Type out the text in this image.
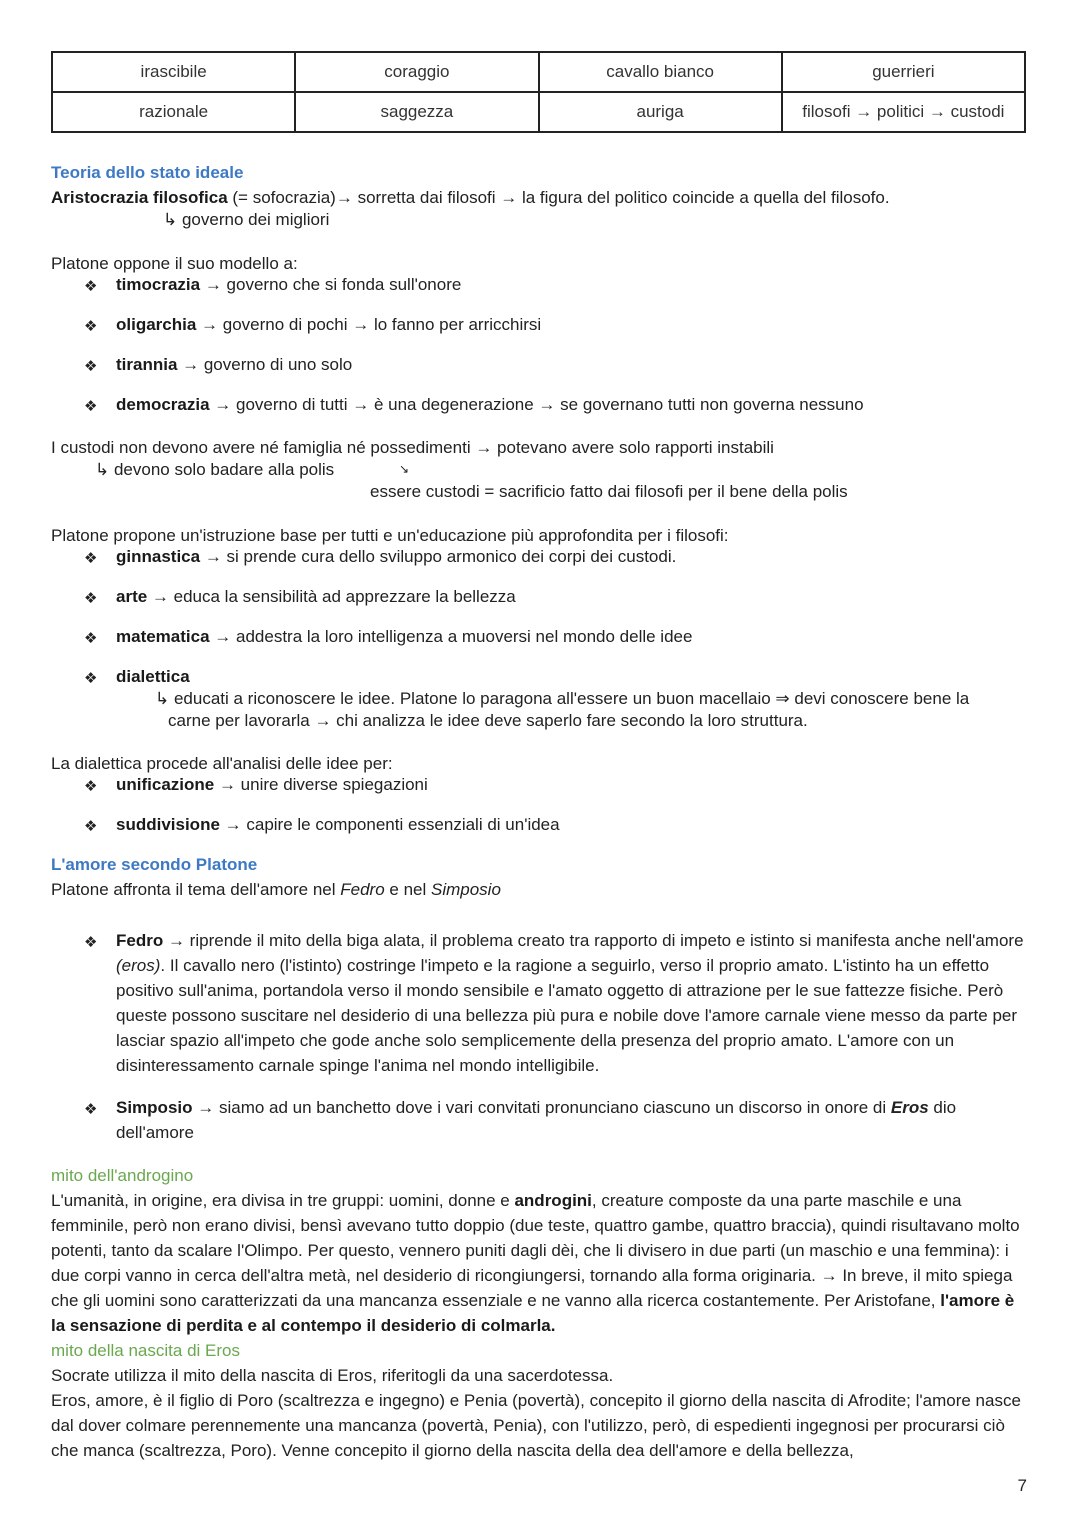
irascibile	coraggio	cavallo bianco	guerrieri
razionale	saggezza	auriga	filosofi → politici → custodi
Teoria dello stato ideale
Aristocrazia filosofica (= sofocrazia)→ sorretta dai filosofi → la figura del politico coincide a quella del filosofo.
↳ governo dei migliori
Platone oppone il suo modello a:
❖ timocrazia → governo che si fonda sull'onore
❖ oligarchia → governo di pochi → lo fanno per arricchirsi
❖ tirannia → governo di uno solo
❖ democrazia → governo di tutti → è una degenerazione → se governano tutti non governa nessuno
I custodi non devono avere né famiglia né possedimenti → potevano avere solo rapporti instabili
↳ devono solo badare alla polis	↘
essere custodi = sacrificio fatto dai filosofi per il bene della polis
Platone propone un'istruzione base per tutti e un'educazione più approfondita per i filosofi:
❖ ginnastica → si prende cura dello sviluppo armonico dei corpi dei custodi.
❖ arte → educa la sensibilità ad apprezzare la bellezza
❖ matematica → addestra la loro intelligenza a muoversi nel mondo delle idee
❖ dialettica
↳ educati a riconoscere le idee. Platone lo paragona all'essere un buon macellaio ⇒ devi conoscere bene la
carne per lavorarla → chi analizza le idee deve saperlo fare secondo la loro struttura.
La dialettica procede all'analisi delle idee per:
❖ unificazione → unire diverse spiegazioni
❖ suddivisione → capire le componenti essenziali di un'idea
L'amore secondo Platone
Platone affronta il tema dell'amore nel Fedro e nel Simposio
❖ Fedro → riprende il mito della biga alata, il problema creato tra rapporto di impeto e istinto si manifesta anche nell'amore (eros). Il cavallo nero (l'istinto) costringe l'impeto e la ragione a seguirlo, verso il proprio amato. L'istinto ha un effetto positivo sull'anima, portandola verso il mondo sensibile e l'amato oggetto di attrazione per le sue fattezze fisiche. Però queste possono suscitare nel desiderio di una bellezza più pura e nobile dove l'amore carnale viene messo da parte per lasciar spazio all'impeto che gode anche solo semplicemente della presenza del proprio amato. L'amore con un disinteressamento carnale spinge l'anima nel mondo intelligibile.
❖ Simposio → siamo ad un banchetto dove i vari convitati pronunciano ciascuno un discorso in onore di Eros dio dell'amore
mito dell'androgino
L'umanità, in origine, era divisa in tre gruppi: uomini, donne e androgini, creature composte da una parte maschile e una femminile, però non erano divisi, bensì avevano tutto doppio (due teste, quattro gambe, quattro braccia), quindi risultavano molto potenti, tanto da scalare l'Olimpo. Per questo, vennero puniti dagli dèi, che li divisero in due parti (un maschio e una femmina): i due corpi vanno in cerca dell'altra metà, nel desiderio di ricongiungersi, tornando alla forma originaria. → In breve, il mito spiega che gli uomini sono caratterizzati da una mancanza essenziale e ne vanno alla ricerca costantemente. Per Aristofane, l'amore è la sensazione di perdita e al contempo il desiderio di colmarla.
mito della nascita di Eros
Socrate utilizza il mito della nascita di Eros, riferitogli da una sacerdotessa.
Eros, amore, è il figlio di Poro (scaltrezza e ingegno) e Penia (povertà), concepito il giorno della nascita di Afrodite; l'amore nasce dal dover colmare perennemente una mancanza (povertà, Penia), con l'utilizzo, però, di espedienti ingegnosi per procurarsi ciò che manca (scaltrezza, Poro). Venne concepito il giorno della nascita della dea dell'amore e della bellezza,
7
